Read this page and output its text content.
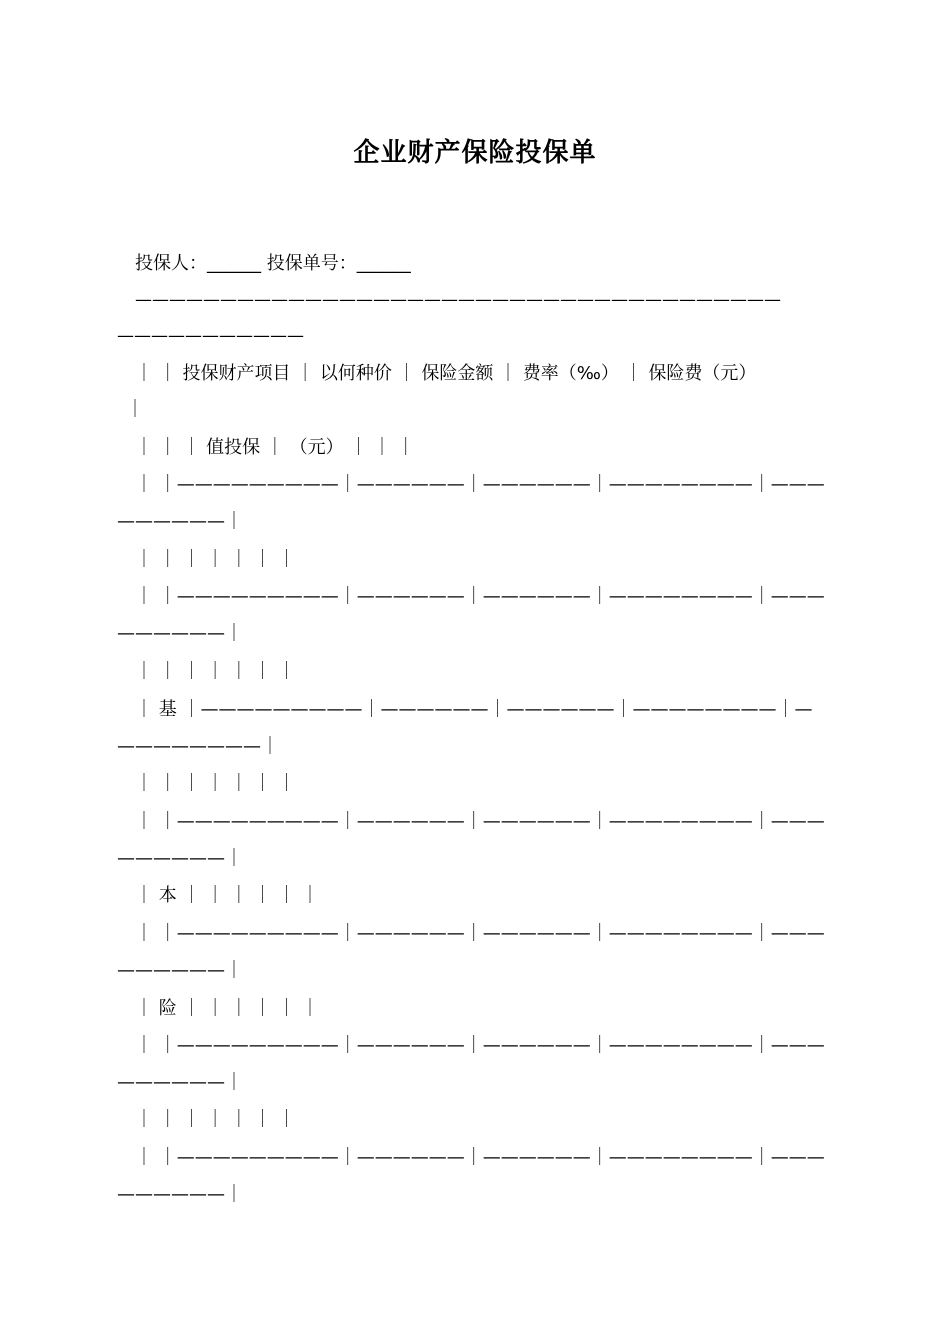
企业财产保险投保单
投保人：______ 投保单号：______
——————————————————————————————————————
———————————
｜ ｜ 投保财产项目 ｜ 以何种价 ｜ 保险金额 ｜ 费率（‰） ｜ 保险费（元）
｜
｜ ｜ ｜ 值投保 ｜ （元） ｜ ｜ ｜
｜ ｜—————————｜——————｜——————｜————————｜———
——————｜
｜ ｜ ｜ ｜ ｜ ｜ ｜
｜ ｜—————————｜——————｜——————｜————————｜———
——————｜
｜ ｜ ｜ ｜ ｜ ｜ ｜
｜ 基 ｜—————————｜——————｜——————｜————————｜—
————————｜
｜ ｜ ｜ ｜ ｜ ｜ ｜
｜ ｜—————————｜——————｜——————｜————————｜———
——————｜
｜ 本 ｜ ｜ ｜ ｜ ｜ ｜
｜ ｜—————————｜——————｜——————｜————————｜———
——————｜
｜ 险 ｜ ｜ ｜ ｜ ｜ ｜
｜ ｜—————————｜——————｜——————｜————————｜———
——————｜
｜ ｜ ｜ ｜ ｜ ｜ ｜
｜ ｜—————————｜——————｜——————｜————————｜———
——————｜
